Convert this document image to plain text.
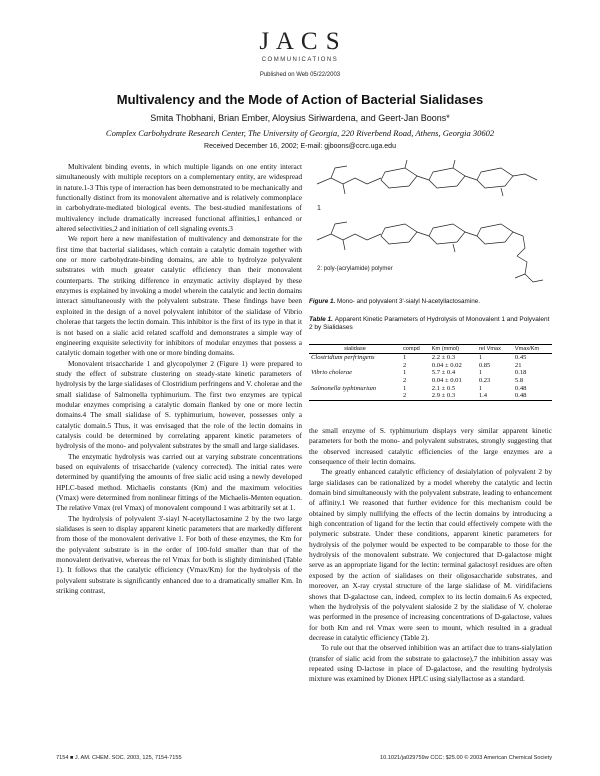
J A C S
COMMUNICATIONS
Published on Web 05/22/2003
Multivalency and the Mode of Action of Bacterial Sialidases
Smita Thobhani, Brian Ember, Aloysius Siriwardena, and Geert-Jan Boons*
Complex Carbohydrate Research Center, The University of Georgia, 220 Riverbend Road, Athens, Georgia 30602
Received December 16, 2002; E-mail: gjboons@ccrc.uga.edu

Multivalent binding events, in which multiple ligands on one entity interact simultaneously with multiple receptors on a complementary entity, are widespread in nature.1-3 This type of interaction has been demonstrated to be mechanically and functionally distinct from its monovalent alternative and is relatively commonplace in carbohydrate-mediated biological events. The best-studied manifestations of multivalency include dramatically increased functional affinities,1 enhanced or altered selectivities,2 and initiation of cell signaling events.3

We report here a new manifestation of multivalency and demonstrate for the first time that bacterial sialidases, which contain a catalytic domain together with one or more carbohydrate-binding domains, are able to hydrolyze polyvalent substrates with much greater catalytic efficiency than their monovalent counterparts. The striking difference in enzymatic activity displayed by these enzymes is explained by invoking a model wherein the catalytic and lectin domains interact simultaneously with the polyvalent substrate. These findings have been exploited in the design of a novel polyvalent inhibitor of the sialidase of Vibrio cholerae that targets the lectin domain. This inhibitor is the first of its type in that it is not based on a sialic acid related scaffold and demonstrates a simple way of engineering exquisite selectivity for inhibitors of modular enzymes that possess a catalytic domain together with one or more binding domains.

Monovalent trisaccharide 1 and glycopolymer 2 (Figure 1) were prepared to study the effect of substrate clustering on steady-state kinetic parameters of hydrolysis by the large sialidases of Clostridium perfringens and V. cholerae and the small sialidase of Salmonella typhimurium. The first two enzymes are typical modular enzymes comprising a catalytic domain flanked by one or more lectin domains.4 The small sialidase of S. typhimurium, however, possesses only a catalytic domain.5 Thus, it was envisaged that the role of the lectin domains in catalysis could be determined by correlating apparent kinetic parameters of hydrolysis of the mono- and polyvalent substrates by the small and large sialidases.

The enzymatic hydrolysis was carried out at varying substrate concentrations based on equivalents of trisaccharide (valency corrected). The initial rates were determined by quantifying the amounts of free sialic acid using a newly developed HPLC-based method. Michaelis constants (Km) and the maximum velocities (Vmax) were determined from nonlinear fittings of the Michaelis-Menten equation. The relative Vmax (rel Vmax) of monovalent compound 1 was arbitrarily set at 1.

The hydrolysis of polyvalent 3'-siayl N-acetyllactosamine 2 by the two large sialidases is seen to display apparent kinetic parameters that are markedly different from those of the monovalent derivative 1. For both of these enzymes, the Km for the polyvalent substrate is in the order of 100-fold smaller than that of the monovalent derivative, whereas the rel Vmax for both is slightly diminished (Table 1). It follows that the catalytic efficiency (Vmax/Km) for the hydrolysis of the polyvalent substrate is significantly enhanced due to a dramatically smaller Km. In striking contrast,

1
2: poly-(acrylamide) polymer
Figure 1. Mono- and polyvalent 3'-sialyl N-acetyllactosamine.
Table 1. Apparent Kinetic Parameters of Hydrolysis of Monovalent 1 and Polyvalent 2 by Sialidases
sialidase	compd	Km (mmol)	rel Vmax	Vmax/Km
Clostridium perfringens	1	2.2 ± 0.3	1	0.45
	2	0.04 ± 0.02	0.85	21
Vibrio cholerae	1	5.7 ± 0.4	1	0.18
	2	0.04 ± 0.01	0.23	5.8
Salmonella typhimurium	1	2.1 ± 0.5	1	0.48
	2	2.9 ± 0.3	1.4	0.48

the small enzyme of S. typhimurium displays very similar apparent kinetic parameters for both the mono- and polyvalent substrates, strongly suggesting that the observed increased catalytic efficiencies of the large enzymes are a consequence of their lectin domains.

The greatly enhanced catalytic efficiency of desialylation of polyvalent 2 by large sialidases can be rationalized by a model whereby the catalytic and lectin domain bind simultaneously with the polyvalent substrate, leading to enhancement of affinity.1 We reasoned that further evidence for this mechanism could be obtained by simply nullifying the effects of the lectin domains by introducing a high concentration of ligand for the lectin that could effectively compete with the polymeric substrate. Under these conditions, apparent kinetic parameters for hydrolysis of the polymer would be expected to be comparable to those for the hydrolysis of the monovalent substrate. We conjectured that D-galactose might serve as an appropriate ligand for the lectin: terminal galactosyl residues are often exposed by the action of sialidases on their oligosaccharide substrates, and moreover, an X-ray crystal structure of the large sialidase of M. viridifaciens shows that D-galactose can, indeed, complex to its lectin domain.6 As expected, when the hydrolysis of the polyvalent sialoside 2 by the sialidase of V. cholerae was performed in the presence of increasing concentrations of D-galactose, values for both Km and rel Vmax were seen to mount, which resulted in a gradual decrease in catalytic efficiency (Table 2).

To rule out that the observed inhibition was an artifact due to trans-sialylation (transfer of sialic acid from the substrate to galactose),7 the inhibition assay was repeated using D-lactose in place of D-galactose, and the resulting hydrolysis mixture was examined by Dionex HPLC using sialyllactose as a standard.

7154 ■ J. AM. CHEM. SOC. 2003, 125, 7154-7155	10.1021/ja029759w CCC: $25.00 © 2003 American Chemical Society
